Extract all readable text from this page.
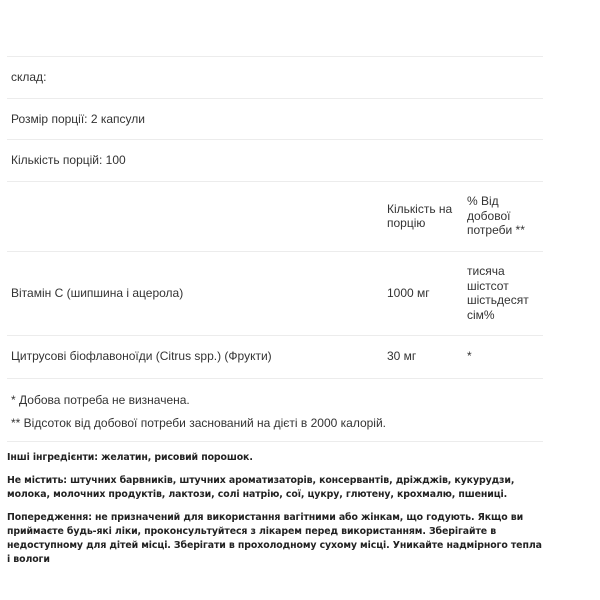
склад:
Розмір порції: 2 капсули
Кількість порцій: 100
	Кількість на порцію	% Від добової потреби **
Вітамін С (шипшина і ацерола)	1000 мг	тисяча шістсот шістьдесят сім%
Цитрусові біофлавоноїди (Citrus spp.) (Фрукти)	30 мг	*

* Добова потреба не визначена.

** Відсоток від добової потреби заснований на дієті в 2000 калорій.

Інші інгредієнти: желатин, рисовий порошок.

Не містить: штучних барвників, штучних ароматизаторів, консервантів, дріжджів, кукурудзи, молока, молочних продуктів, лактози, солі натрію, сої, цукру, глютену, крохмалю, пшениці.

Попередження: не призначений для використання вагітними або жінкам, що годують. Якщо ви приймаєте будь-які ліки, проконсультуйтеся з лікарем перед використанням. Зберігайте в недоступному для дітей місці. Зберігати в прохолодному сухому місці. Уникайте надмірного тепла і вологи
